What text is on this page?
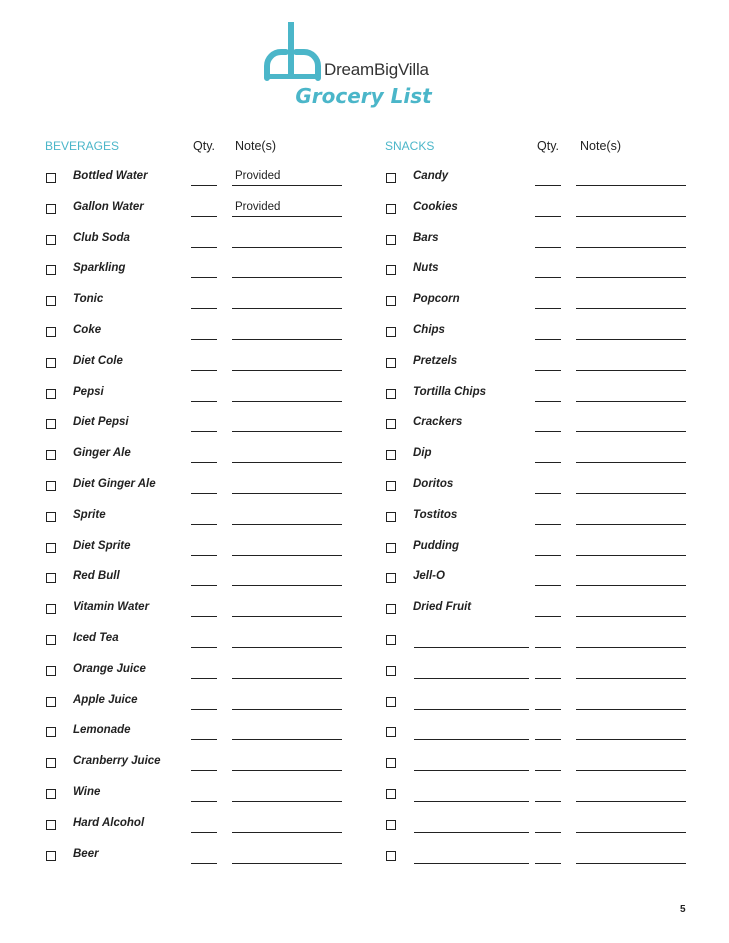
DreamBigVilla
Grocery List
BEVERAGES	Qty. Note(s)
Bottled Water	Provided
Gallon Water	Provided
Club Soda
Sparkling
Tonic
Coke
Diet Cole
Pepsi
Diet Pepsi
Ginger Ale
Diet Ginger Ale
Sprite
Diet Sprite
Red Bull
Vitamin Water
Iced Tea
Orange Juice
Apple Juice
Lemonade
Cranberry Juice
Wine
Hard Alcohol
Beer
SNACKS	Qty. Note(s)
Candy
Cookies
Bars
Nuts
Popcorn
Chips
Pretzels
Tortilla Chips
Crackers
Dip
Doritos
Tostitos
Pudding
Jell-O
Dried Fruit
5
